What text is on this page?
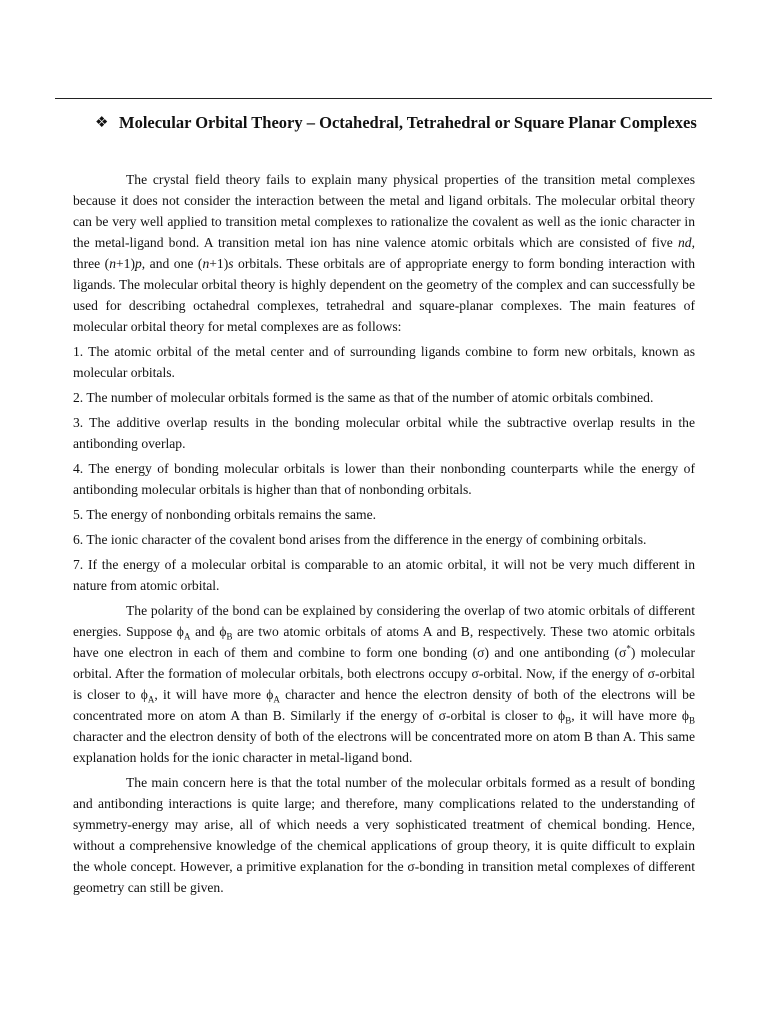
❖ Molecular Orbital Theory – Octahedral, Tetrahedral or Square Planar Complexes

The crystal field theory fails to explain many physical properties of the transition metal complexes because it does not consider the interaction between the metal and ligand orbitals. The molecular orbital theory can be very well applied to transition metal complexes to rationalize the covalent as well as the ionic character in the metal-ligand bond. A transition metal ion has nine valence atomic orbitals which are consisted of five nd, three (n+1)p, and one (n+1)s orbitals. These orbitals are of appropriate energy to form bonding interaction with ligands. The molecular orbital theory is highly dependent on the geometry of the complex and can successfully be used for describing octahedral complexes, tetrahedral and square-planar complexes. The main features of molecular orbital theory for metal complexes are as follows:

1. The atomic orbital of the metal center and of surrounding ligands combine to form new orbitals, known as molecular orbitals.

2. The number of molecular orbitals formed is the same as that of the number of atomic orbitals combined.

3. The additive overlap results in the bonding molecular orbital while the subtractive overlap results in the antibonding overlap.

4. The energy of bonding molecular orbitals is lower than their nonbonding counterparts while the energy of antibonding molecular orbitals is higher than that of nonbonding orbitals.

5. The energy of nonbonding orbitals remains the same.

6. The ionic character of the covalent bond arises from the difference in the energy of combining orbitals.

7. If the energy of a molecular orbital is comparable to an atomic orbital, it will not be very much different in nature from atomic orbital.

The polarity of the bond can be explained by considering the overlap of two atomic orbitals of different energies. Suppose $\phi_A$ and $\phi_B$ are two atomic orbitals of atoms A and B, respectively. These two atomic orbitals have one electron in each of them and combine to form one bonding (σ) and one antibonding (σ*) molecular orbital. After the formation of molecular orbitals, both electrons occupy σ-orbital. Now, if the energy of σ-orbital is closer to $\phi_A$, it will have more $\phi_A$ character and hence the electron density of both of the electrons will be concentrated more on atom A than B. Similarly if the energy of σ-orbital is closer to $\phi_B$, it will have more $\phi_B$ character and the electron density of both of the electrons will be concentrated more on atom B than A. This same explanation holds for the ionic character in metal-ligand bond.

The main concern here is that the total number of the molecular orbitals formed as a result of bonding and antibonding interactions is quite large; and therefore, many complications related to the understanding of symmetry-energy may arise, all of which needs a very sophisticated treatment of chemical bonding. Hence, without a comprehensive knowledge of the chemical applications of group theory, it is quite difficult to explain the whole concept. However, a primitive explanation for the σ-bonding in transition metal complexes of different geometry can still be given.
